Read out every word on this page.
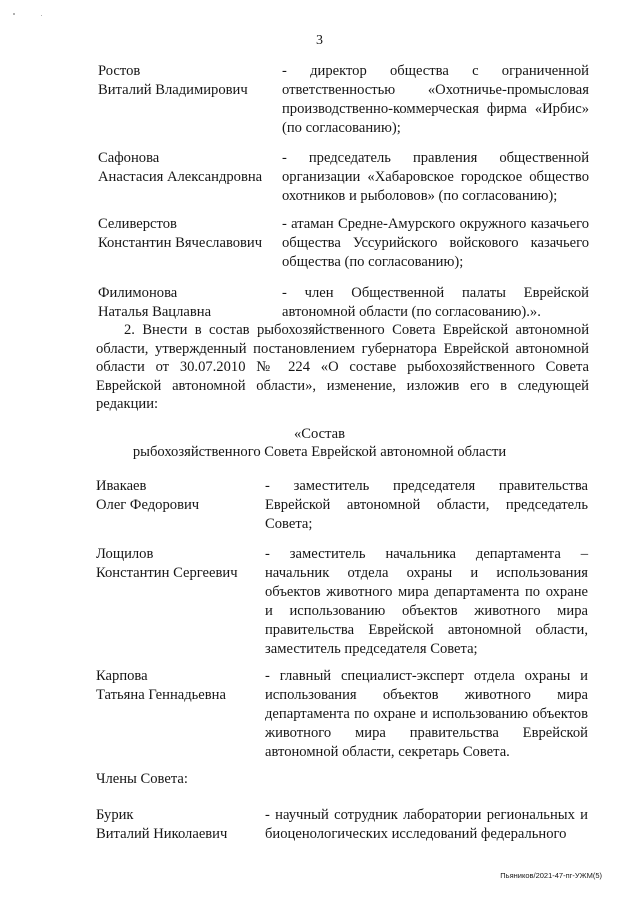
3
Ростов
Виталий Владимирович
- директор общества с ограниченной ответственностью «Охотничье-промысловая производственно-коммерческая фирма «Ирбис» (по согласованию);
Сафонова
Анастасия Александровна
- председатель правления общественной организации «Хабаровское городское общество охотников и рыболовов» (по согласованию);
Селиверстов
Константин Вячеславович
- атаман Средне-Амурского окружного казачьего общества Уссурийского войскового казачьего общества (по согласованию);
Филимонова
Наталья Вацлавна
- член Общественной палаты Еврейской автономной области (по согласованию).».
2. Внести в состав рыбохозяйственного Совета Еврейской автономной области, утвержденный постановлением губернатора Еврейской автономной области от 30.07.2010 № 224 «О составе рыбохозяйственного Совета Еврейской автономной области», изменение, изложив его в следующей редакции:
«Состав
рыбохозяйственного Совета Еврейской автономной области
Ивакаев
Олег Федорович
- заместитель председателя правительства Еврейской автономной области, председатель Совета;
Лощилов
Константин Сергеевич
- заместитель начальника департамента – начальник отдела охраны и использования объектов животного мира департамента по охране и использованию объектов животного мира правительства Еврейской автономной области, заместитель председателя Совета;
Карпова
Татьяна Геннадьевна
- главный специалист-эксперт отдела охраны и использования объектов животного мира департамента по охране и использованию объектов животного мира правительства Еврейской автономной области, секретарь Совета.
Члены Совета:
Бурик
Виталий Николаевич
- научный сотрудник лаборатории региональных и биоценологических исследований федерального
Пьяников/2021-47-пг-УЖМ(5)
